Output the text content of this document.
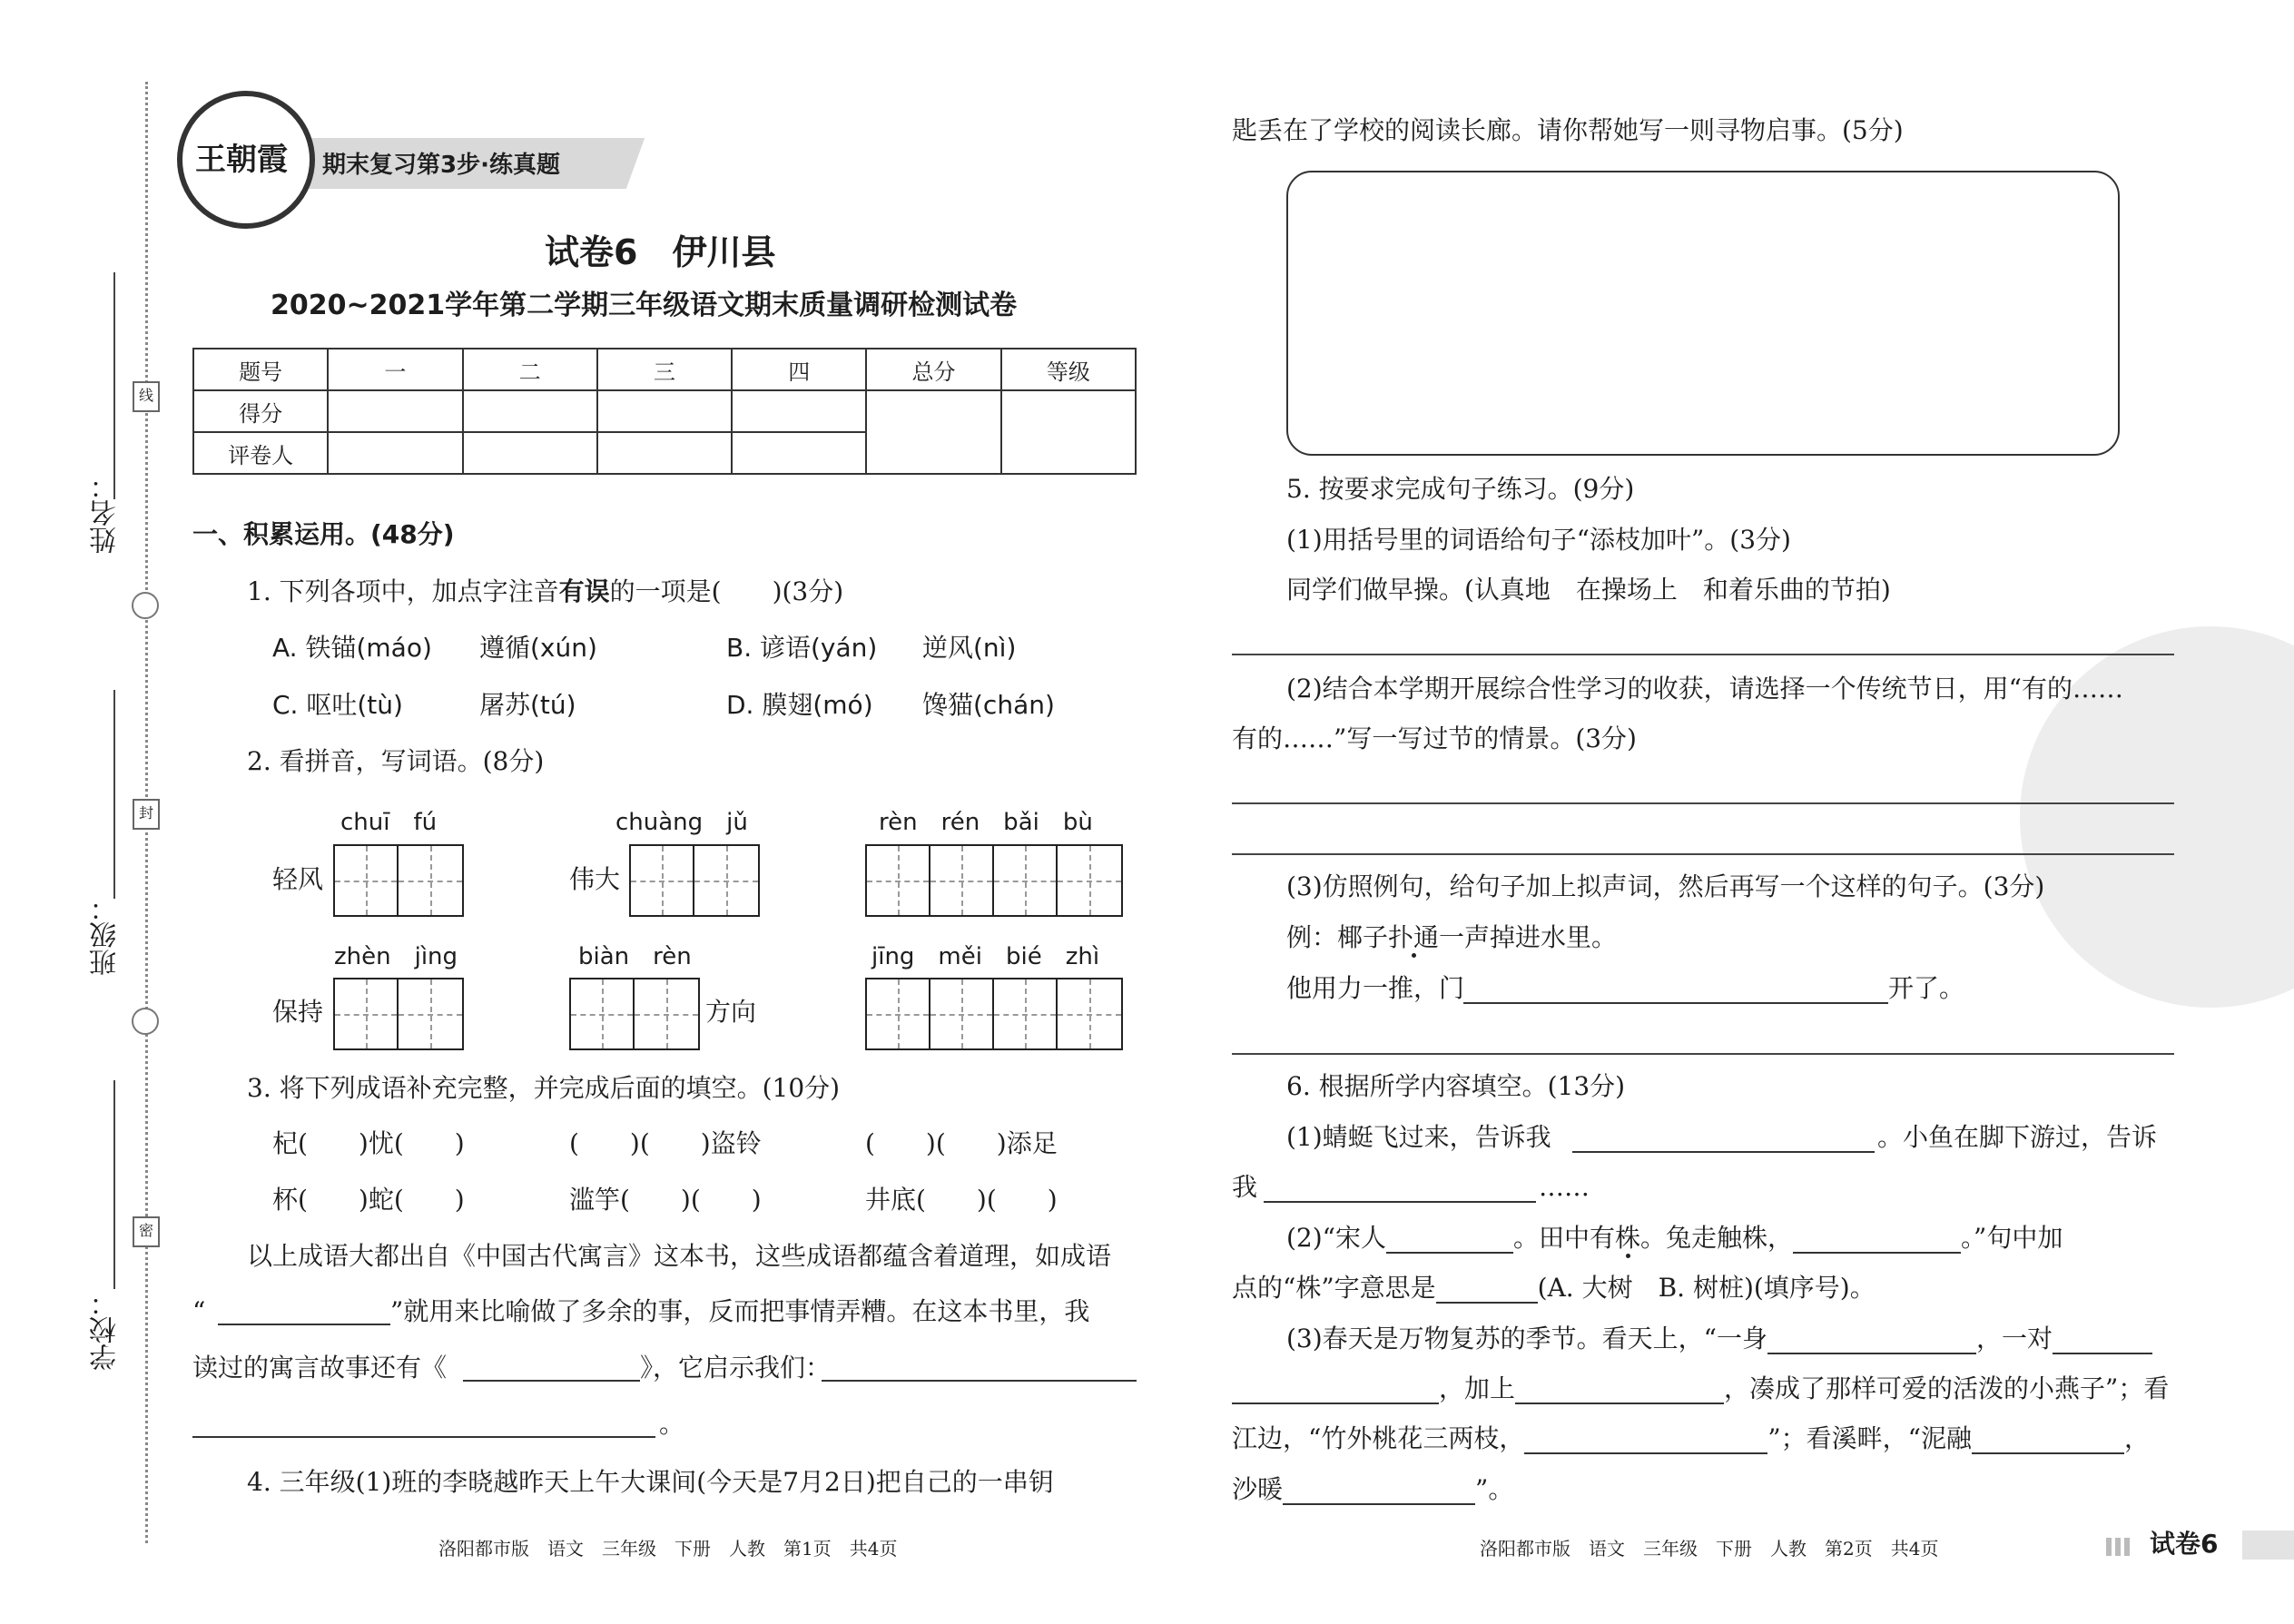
姓名：
线
班级：
封
学校：
密
王朝霞 期末复习第3步·练真题
试卷6　伊川县
2020~2021学年第二学期三年级语文期末质量调研检测试卷
题号	一	二	三	四	总分	等级
得分						
评卷人						
一、积累运用。(48分)
1. 下列各项中，加点字注音有误的一项是(　　)(3分)
A. 铁锚(máo) 遵循(xún)	B. 谚语(yán) 逆风(nì)
C. 呕吐(tù)	屠苏(tú)	D. 膜翅(mó) 馋猫(chán)
2. 看拼音，写词语。(8分)
chuī　fú
轻风
chuàng　jǔ
伟大
rèn　rén　bǎi　bù
zhèn　jìng
保持
biàn　rèn
方向
jīng　měi　bié　zhì
3. 将下列成语补充完整，并完成后面的填空。(10分)
杞(　　)忧(　　)	(　　)(　　)盗铃	(　　)(　　)添足
杯(　　)蛇(　　)	滥竽(　　)(　　)	井底(　　)(　　)
以上成语大都出自《中国古代寓言》这本书，这些成语都蕴含着道理，如成语
“	”就用来比喻做了多余的事，反而把事情弄糟。在这本书里，我
读过的寓言故事还有《	》，它启示我们：
。
4. 三年级(1)班的李晓越昨天上午大课间(今天是7月2日)把自己的一串钥
匙丢在了学校的阅读长廊。请你帮她写一则寻物启事。(5分)
5. 按要求完成句子练习。(9分)
(1)用括号里的词语给句子“添枝加叶”。(3分)
同学们做早操。(认真地　在操场上　和着乐曲的节拍)
(2)结合本学期开展综合性学习的收获，请选择一个传统节日，用“有的……
有的……”写一写过节的情景。(3分)
(3)仿照例句，给句子加上拟声词，然后再写一个这样的句子。(3分)
例：椰子扑通一声掉进水里。
他用力一推，门	开了。
6. 根据所学内容填空。(13分)
(1)蜻蜓飞过来，告诉我	。小鱼在脚下游过，告诉
我	……
(2)“宋人	。田中有株。兔走触株，	。”句中加
点的“株”字意思是	(A. 大树　B. 树桩)(填序号)。
(3)春天是万物复苏的季节。看天上，“一身	，一对
，加上	，凑成了那样可爱的活泼的小燕子”；看
江边，“竹外桃花三两枝，	”；看溪畔，“泥融	，
沙暖	”。
洛阳都市版　语文　三年级　下册　人教　第1页　共4页	洛阳都市版　语文　三年级　下册　人教　第2页　共4页	试卷6
